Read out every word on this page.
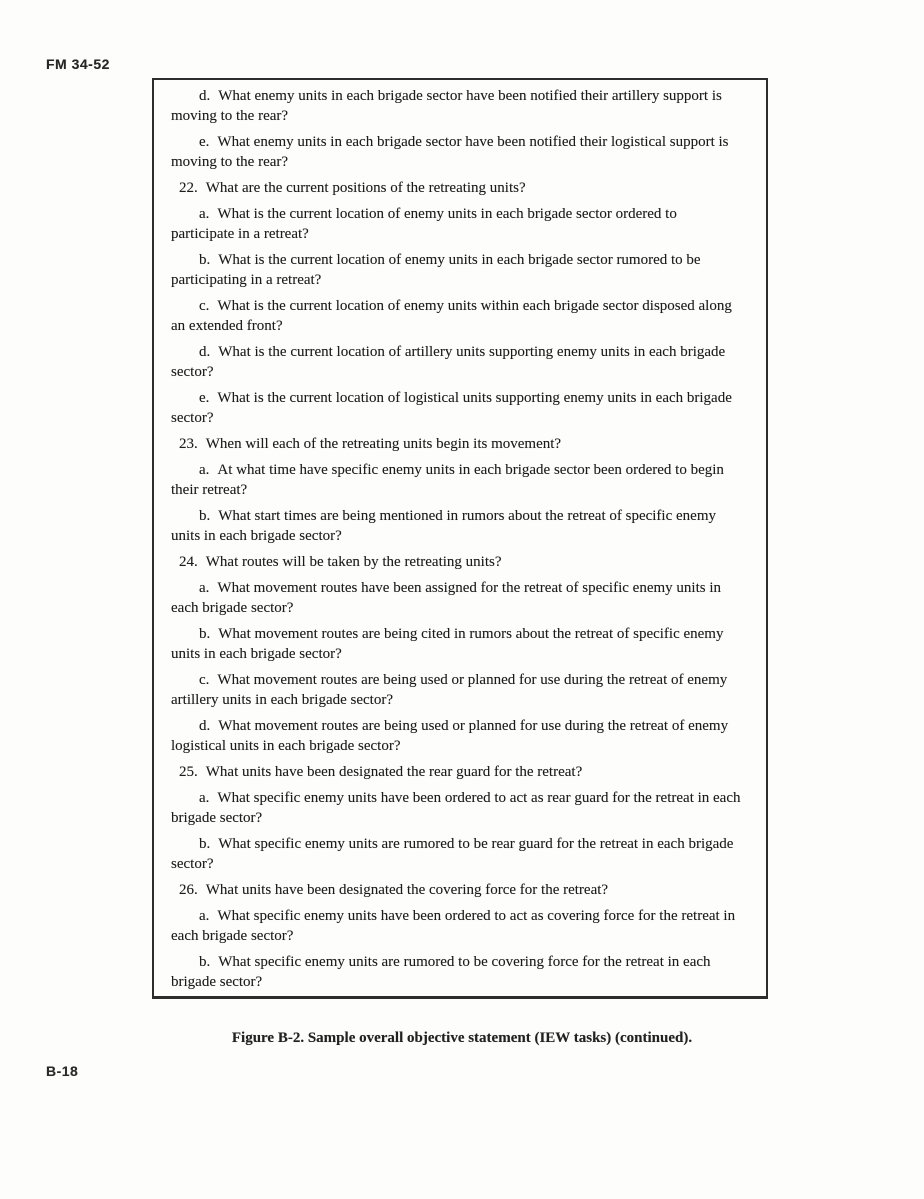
FM 34-52

d. What enemy units in each brigade sector have been notified their artillery support is moving to the rear?

e. What enemy units in each brigade sector have been notified their logistical support is moving to the rear?

22. What are the current positions of the retreating units?

a. What is the current location of enemy units in each brigade sector ordered to participate in a retreat?

b. What is the current location of enemy units in each brigade sector rumored to be participating in a retreat?

c. What is the current location of enemy units within each brigade sector disposed along an extended front?

d. What is the current location of artillery units supporting enemy units in each brigade sector?

e. What is the current location of logistical units supporting enemy units in each brigade sector?

23. When will each of the retreating units begin its movement?

a. At what time have specific enemy units in each brigade sector been ordered to begin their retreat?

b. What start times are being mentioned in rumors about the retreat of specific enemy units in each brigade sector?

24. What routes will be taken by the retreating units?

a. What movement routes have been assigned for the retreat of specific enemy units in each brigade sector?

b. What movement routes are being cited in rumors about the retreat of specific enemy units in each brigade sector?

c. What movement routes are being used or planned for use during the retreat of enemy artillery units in each brigade sector?

d. What movement routes are being used or planned for use during the retreat of enemy logistical units in each brigade sector?

25. What units have been designated the rear guard for the retreat?

a. What specific enemy units have been ordered to act as rear guard for the retreat in each brigade sector?

b. What specific enemy units are rumored to be rear guard for the retreat in each brigade sector?

26. What units have been designated the covering force for the retreat?

a. What specific enemy units have been ordered to act as covering force for the retreat in each brigade sector?

b. What specific enemy units are rumored to be covering force for the retreat in each brigade sector?

Figure B-2. Sample overall objective statement (IEW tasks) (continued).
B-18
